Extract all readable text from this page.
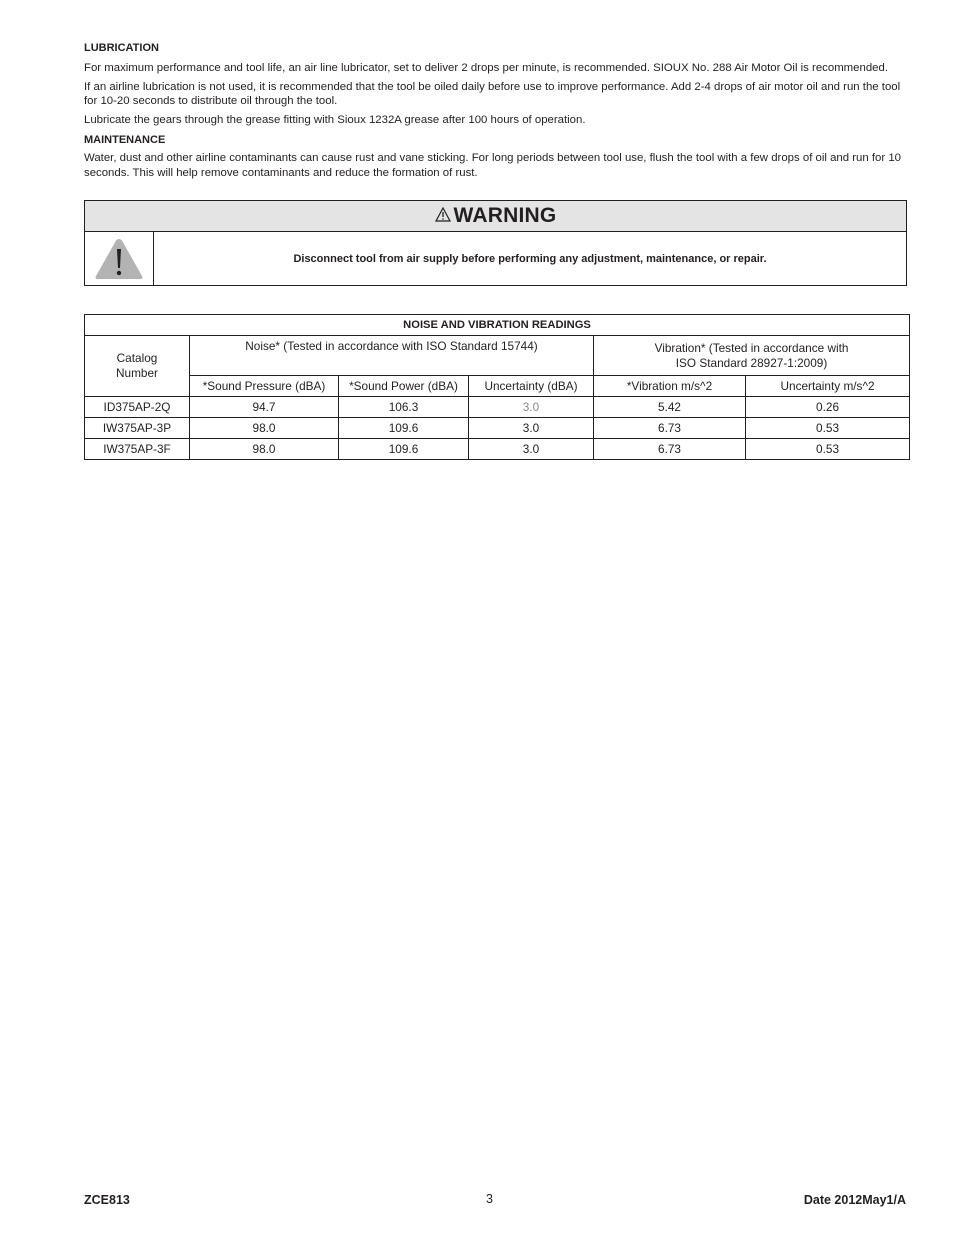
LUBRICATION

For maximum performance and tool life, an air line lubricator, set to deliver 2 drops per minute, is recommended. SIOUX No. 288 Air Motor Oil is recommended.

If an airline lubrication is not used, it is recommended that the tool be oiled daily before use to improve performance. Add 2-4 drops of air motor oil and run the tool for 10-20 seconds to distribute oil through the tool.

Lubricate the gears through the grease fitting with Sioux 1232A grease after 100 hours of operation.

MAINTENANCE

Water, dust and other airline contaminants can cause rust and vane sticking. For long periods between tool use, flush the tool with a few drops of oil and run for 10 seconds. This will help remove contaminants and reduce the formation of rust.

WARNING
Disconnect tool from air supply before performing any adjustment, maintenance, or repair.
NOISE AND VIBRATION READINGS					
Catalog
Number	Noise* (Tested in accordance with ISO Standard 15744)			Vibration* (Tested in accordance with
ISO Standard 28927-1:2009)	
	*Sound Pressure (dBA)	*Sound Power (dBA)	Uncertainty (dBA)	*Vibration m/s^2	Uncertainty m/s^2
ID375AP-2Q	94.7	106.3	3.0	5.42	0.26
IW375AP-3P	98.0	109.6	3.0	6.73	0.53
IW375AP-3F	98.0	109.6	3.0	6.73	0.53
ZCE813	3	Date 2012May1/A
